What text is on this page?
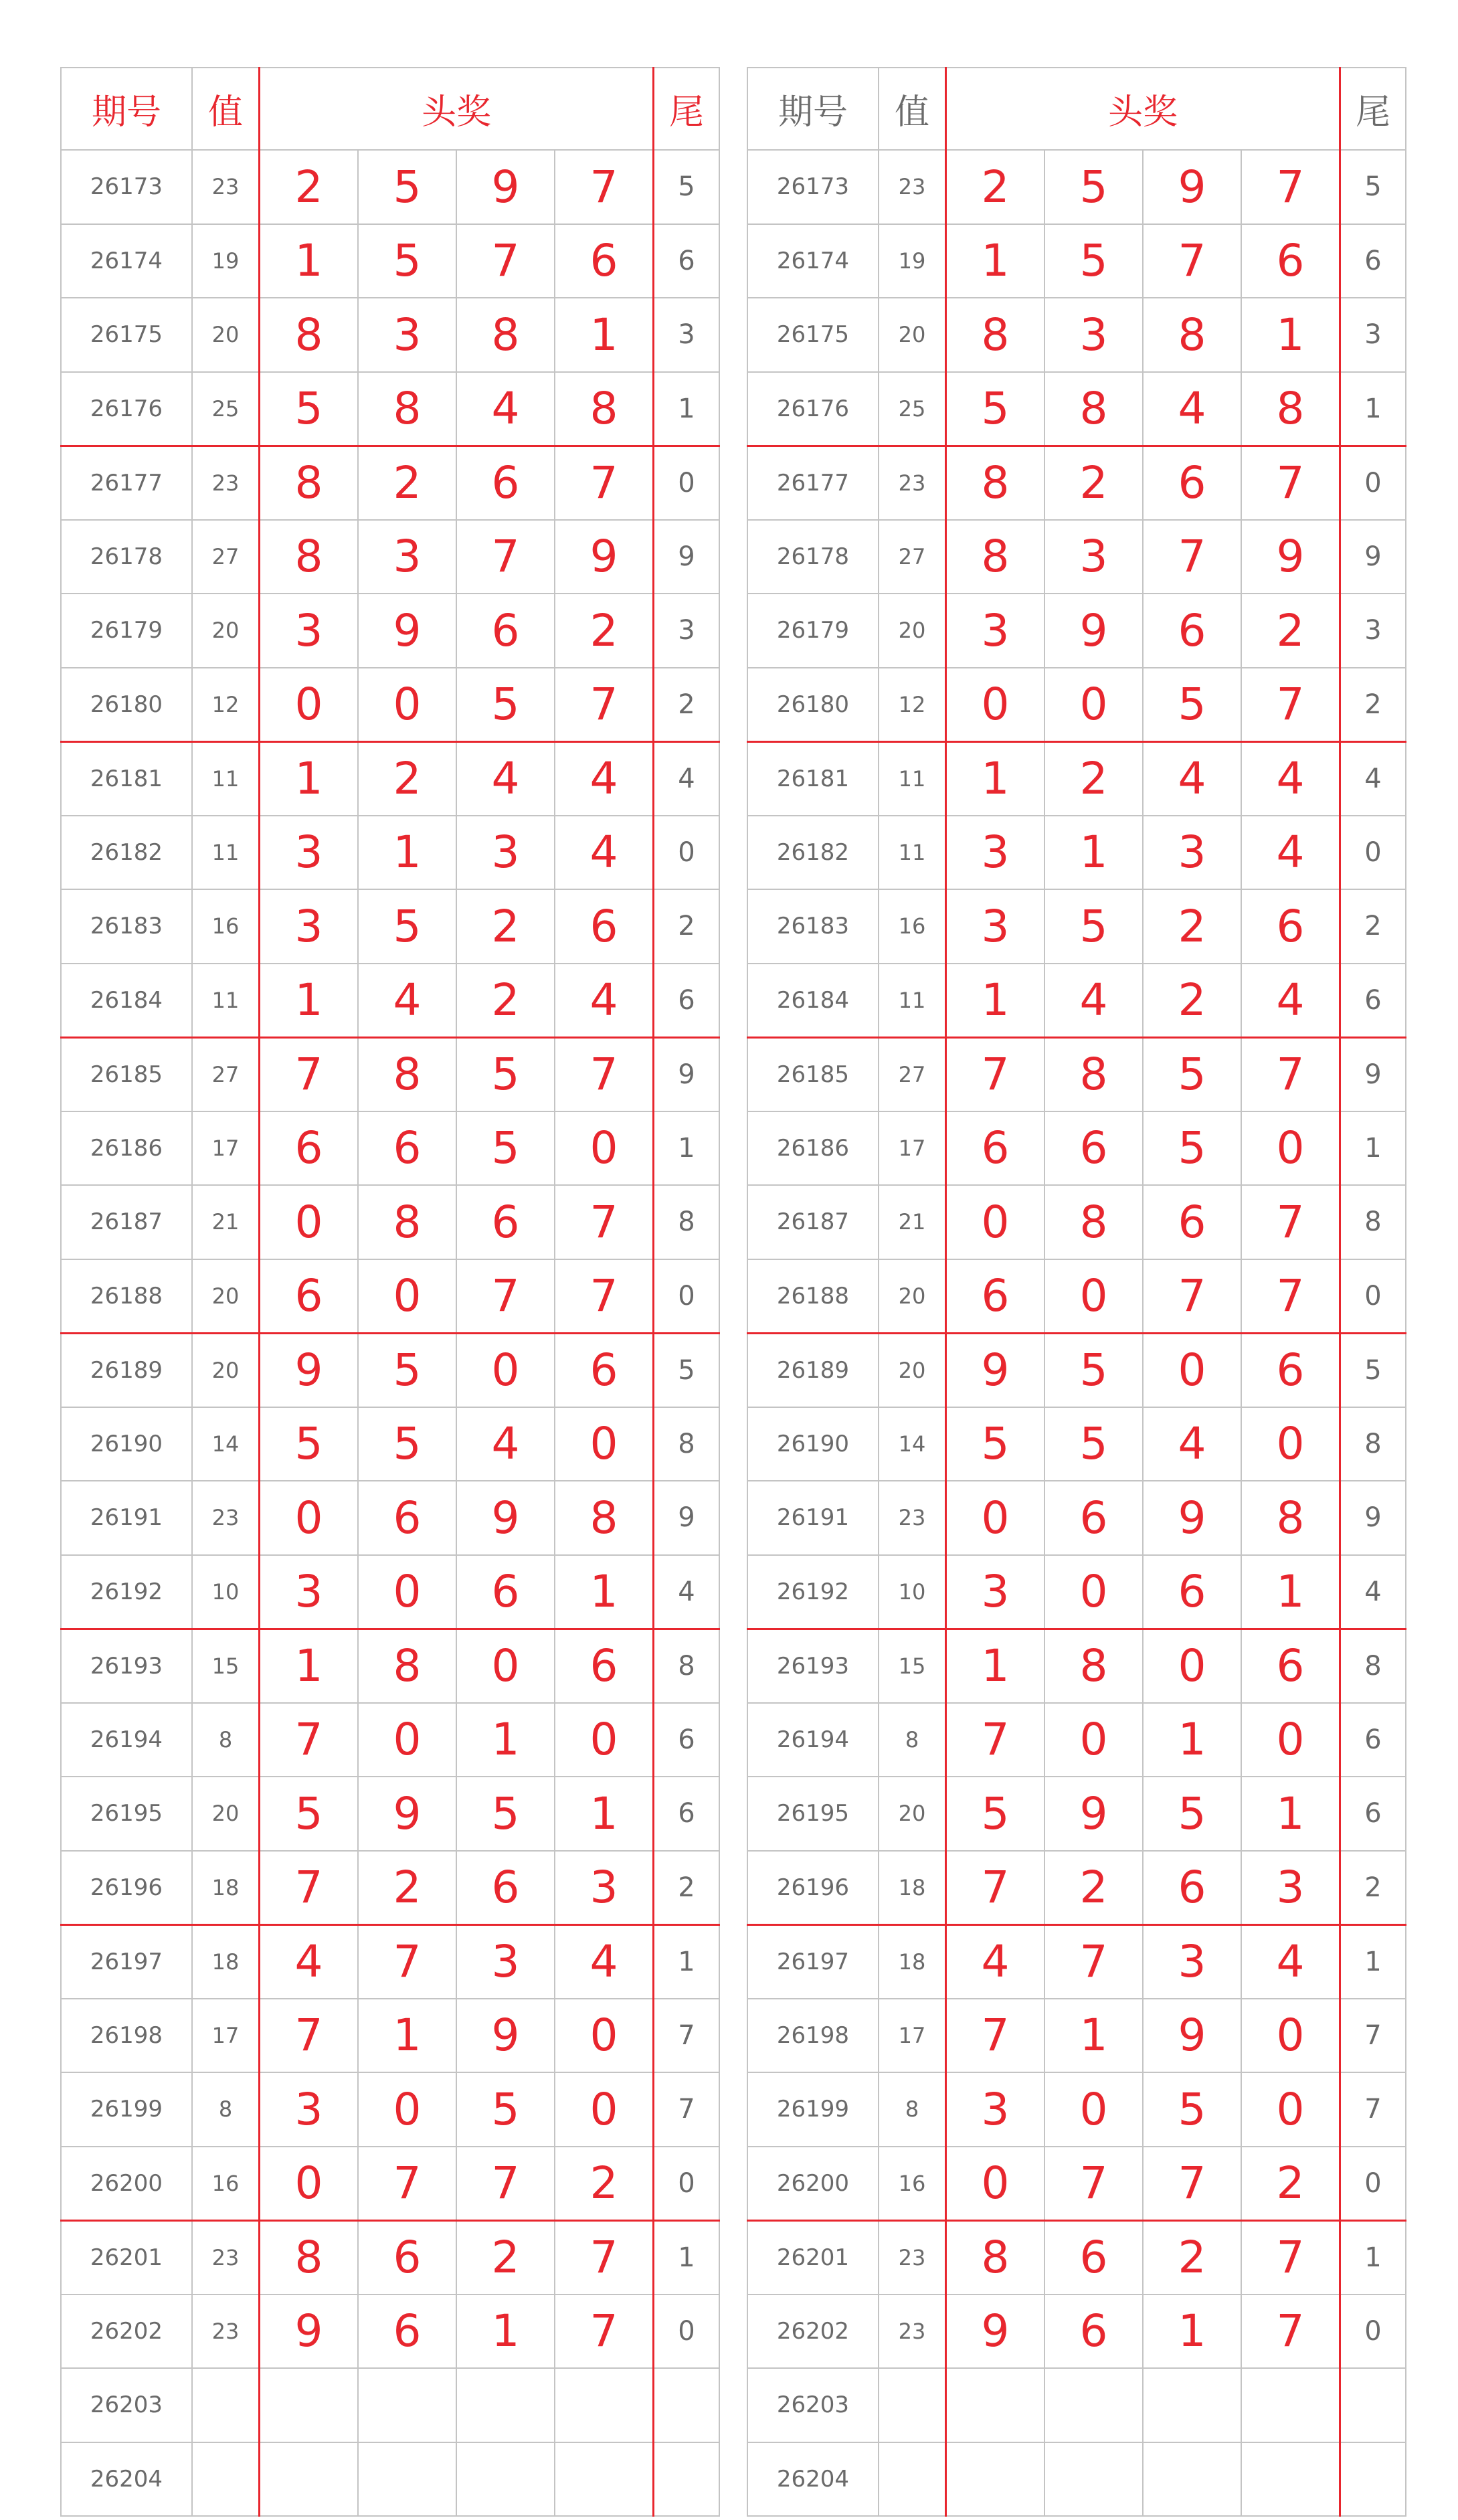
期号	值	头奖				尾
26173	23	2	5	9	7	5
26174	19	1	5	7	6	6
26175	20	8	3	8	1	3
26176	25	5	8	4	8	1
26177	23	8	2	6	7	0
26178	27	8	3	7	9	9
26179	20	3	9	6	2	3
26180	12	0	0	5	7	2
26181	11	1	2	4	4	4
26182	11	3	1	3	4	0
26183	16	3	5	2	6	2
26184	11	1	4	2	4	6
26185	27	7	8	5	7	9
26186	17	6	6	5	0	1
26187	21	0	8	6	7	8
26188	20	6	0	7	7	0
26189	20	9	5	0	6	5
26190	14	5	5	4	0	8
26191	23	0	6	9	8	9
26192	10	3	0	6	1	4
26193	15	1	8	0	6	8
26194	8	7	0	1	0	6
26195	20	5	9	5	1	6
26196	18	7	2	6	3	2
26197	18	4	7	3	4	1
26198	17	7	1	9	0	7
26199	8	3	0	5	0	7
26200	16	0	7	7	2	0
26201	23	8	6	2	7	1
26202	23	9	6	1	7	0
26203						
26204						
期号	值	头奖				尾
26173	23	2	5	9	7	5
26174	19	1	5	7	6	6
26175	20	8	3	8	1	3
26176	25	5	8	4	8	1
26177	23	8	2	6	7	0
26178	27	8	3	7	9	9
26179	20	3	9	6	2	3
26180	12	0	0	5	7	2
26181	11	1	2	4	4	4
26182	11	3	1	3	4	0
26183	16	3	5	2	6	2
26184	11	1	4	2	4	6
26185	27	7	8	5	7	9
26186	17	6	6	5	0	1
26187	21	0	8	6	7	8
26188	20	6	0	7	7	0
26189	20	9	5	0	6	5
26190	14	5	5	4	0	8
26191	23	0	6	9	8	9
26192	10	3	0	6	1	4
26193	15	1	8	0	6	8
26194	8	7	0	1	0	6
26195	20	5	9	5	1	6
26196	18	7	2	6	3	2
26197	18	4	7	3	4	1
26198	17	7	1	9	0	7
26199	8	3	0	5	0	7
26200	16	0	7	7	2	0
26201	23	8	6	2	7	1
26202	23	9	6	1	7	0
26203						
26204						
